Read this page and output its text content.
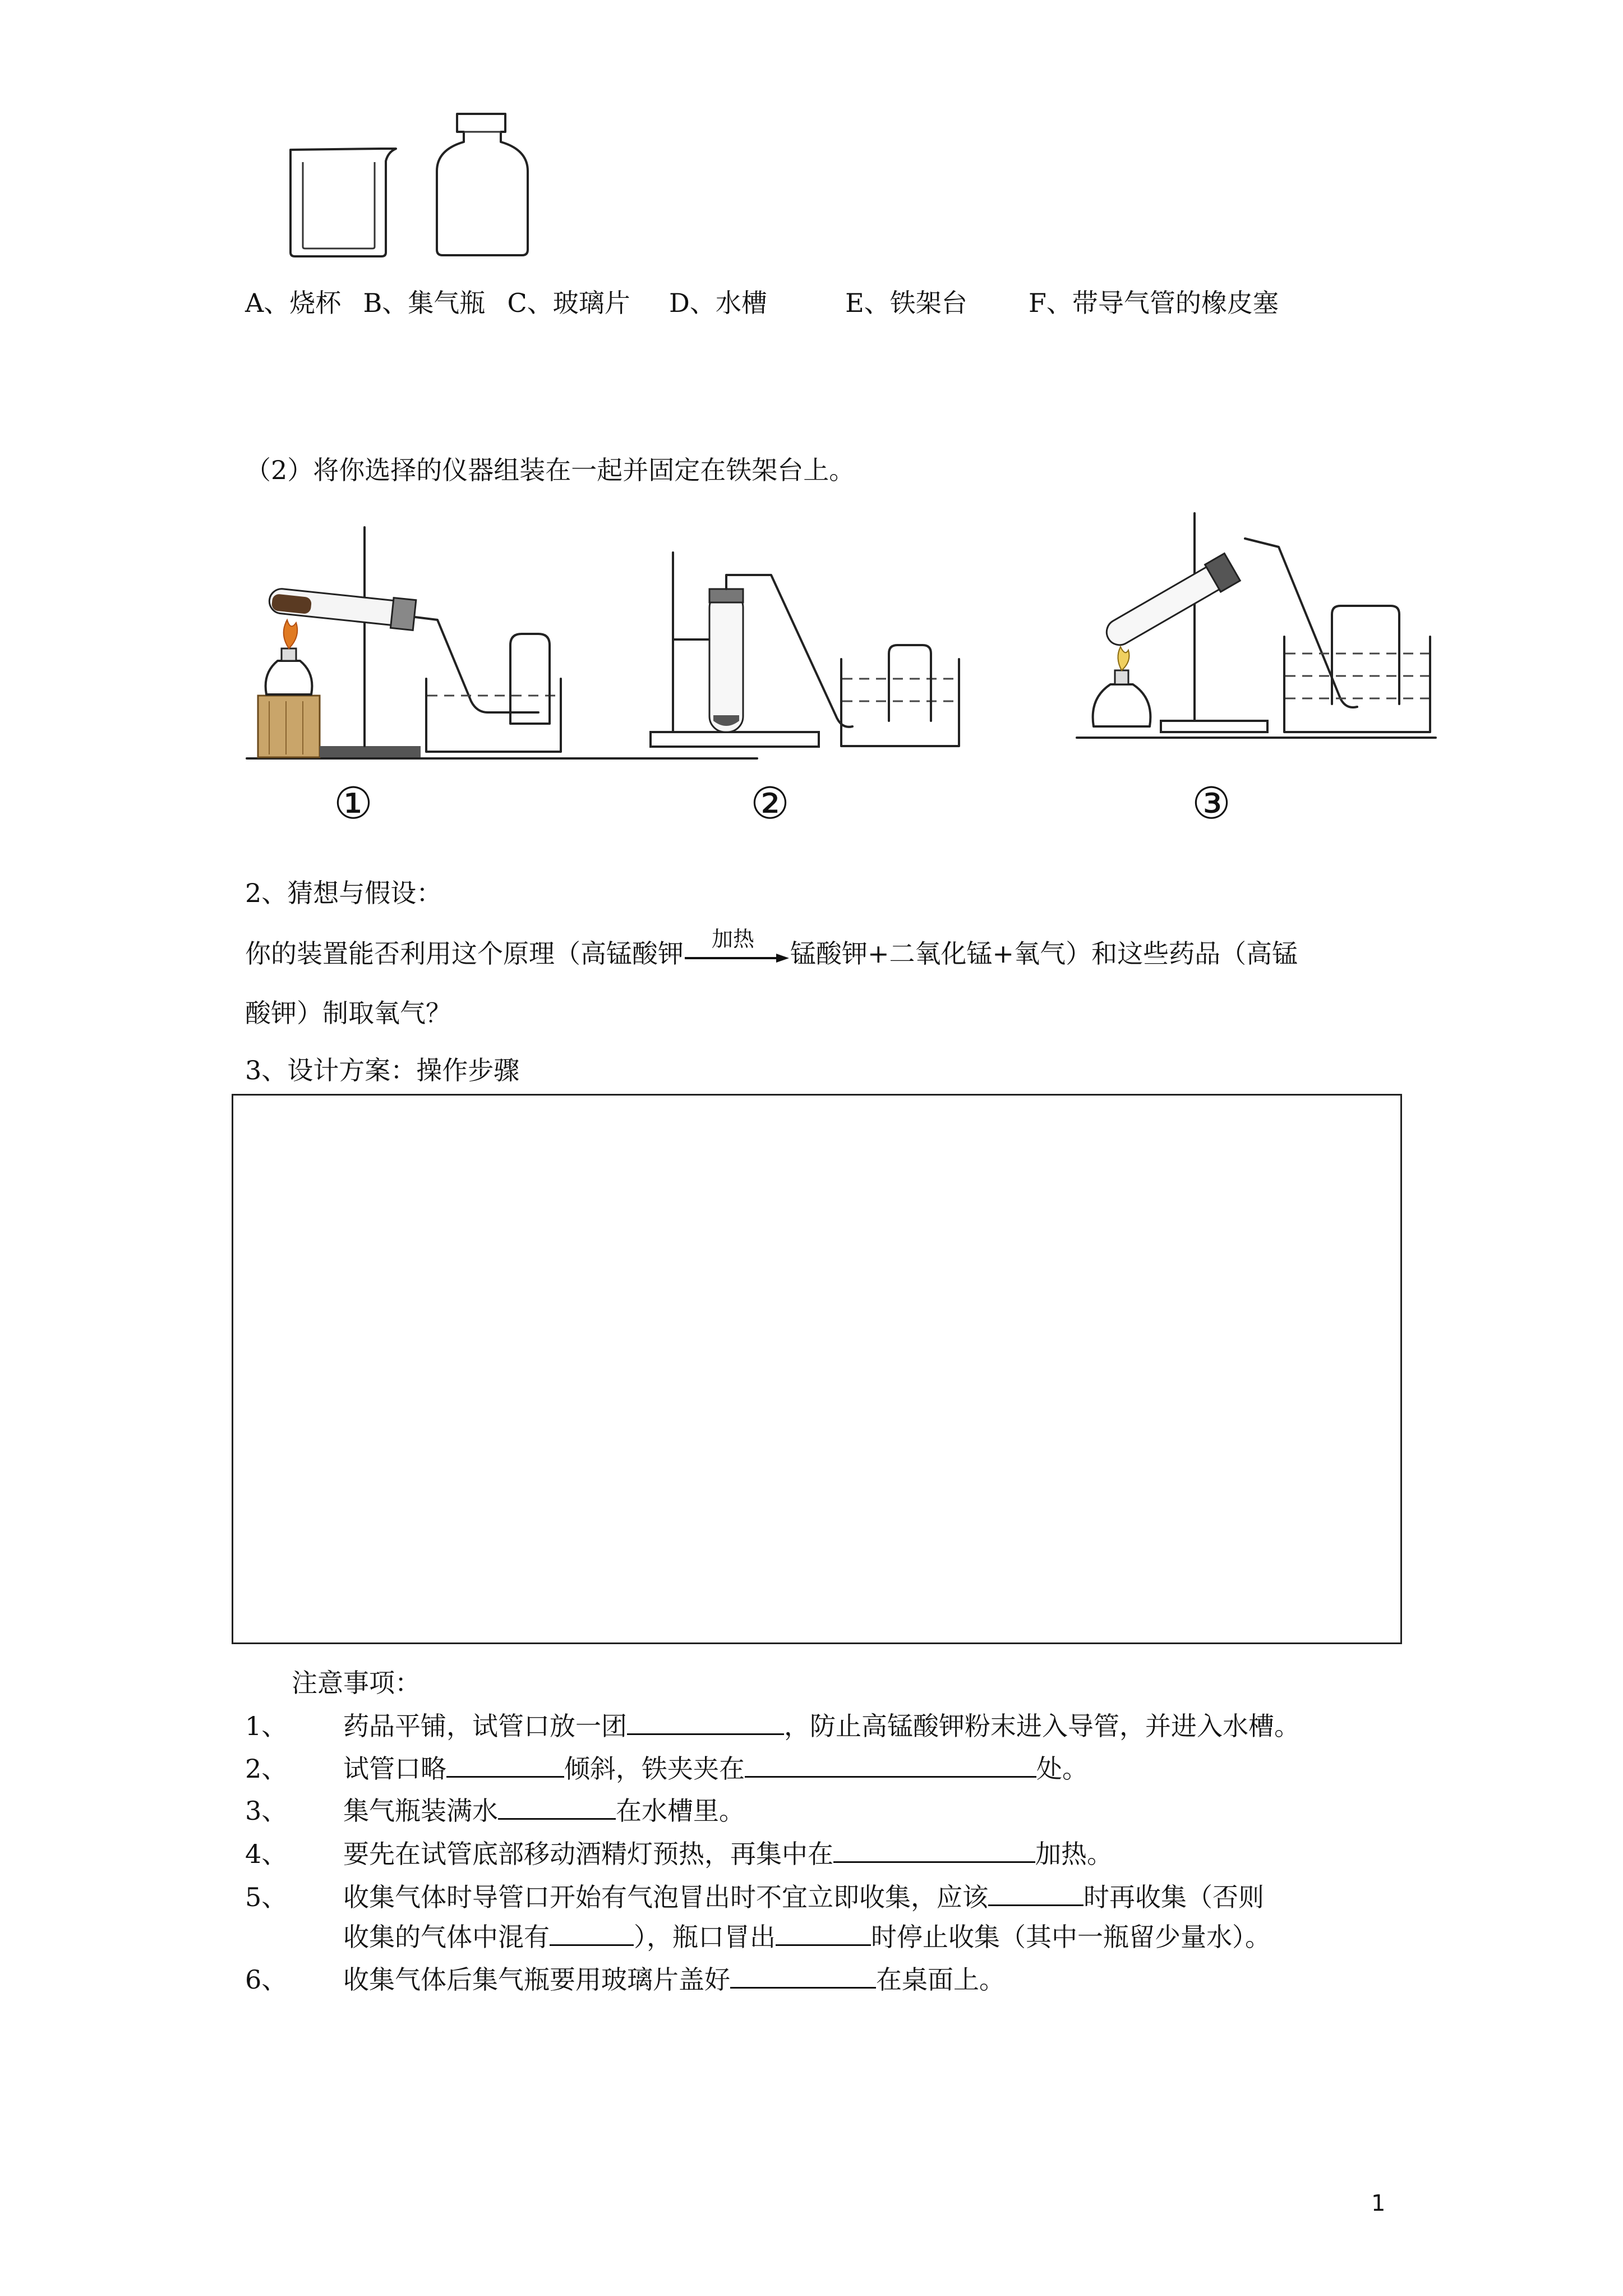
A、烧杯 B、集气瓶 C、玻璃片 D、水槽	E、铁架台 F、带导气管的橡皮塞
（2）将你选择的仪器组装在一起并固定在铁架台上。
①	②	③
2、猜想与假设：
你的装置能否利用这个原理（高锰酸钾 加热 锰酸钾+二氧化锰+氧气）和这些药品（高锰
酸钾）制取氧气？
3、设计方案：操作步骤
注意事项：
1、 药品平铺，试管口放一团	，防止高锰酸钾粉末进入导管，并进入水槽。
2、 试管口略	倾斜，铁夹夹在	处。
3、 集气瓶装满水	在水槽里。
4、 要先在试管底部移动酒精灯预热，再集中在	加热。
5、 收集气体时导管口开始有气泡冒出时不宜立即收集，应该	时再收集（否则
收集的气体中混有	），瓶口冒出	时停止收集（其中一瓶留少量水）。
6、 收集气体后集气瓶要用玻璃片盖好	在桌面上。
1
